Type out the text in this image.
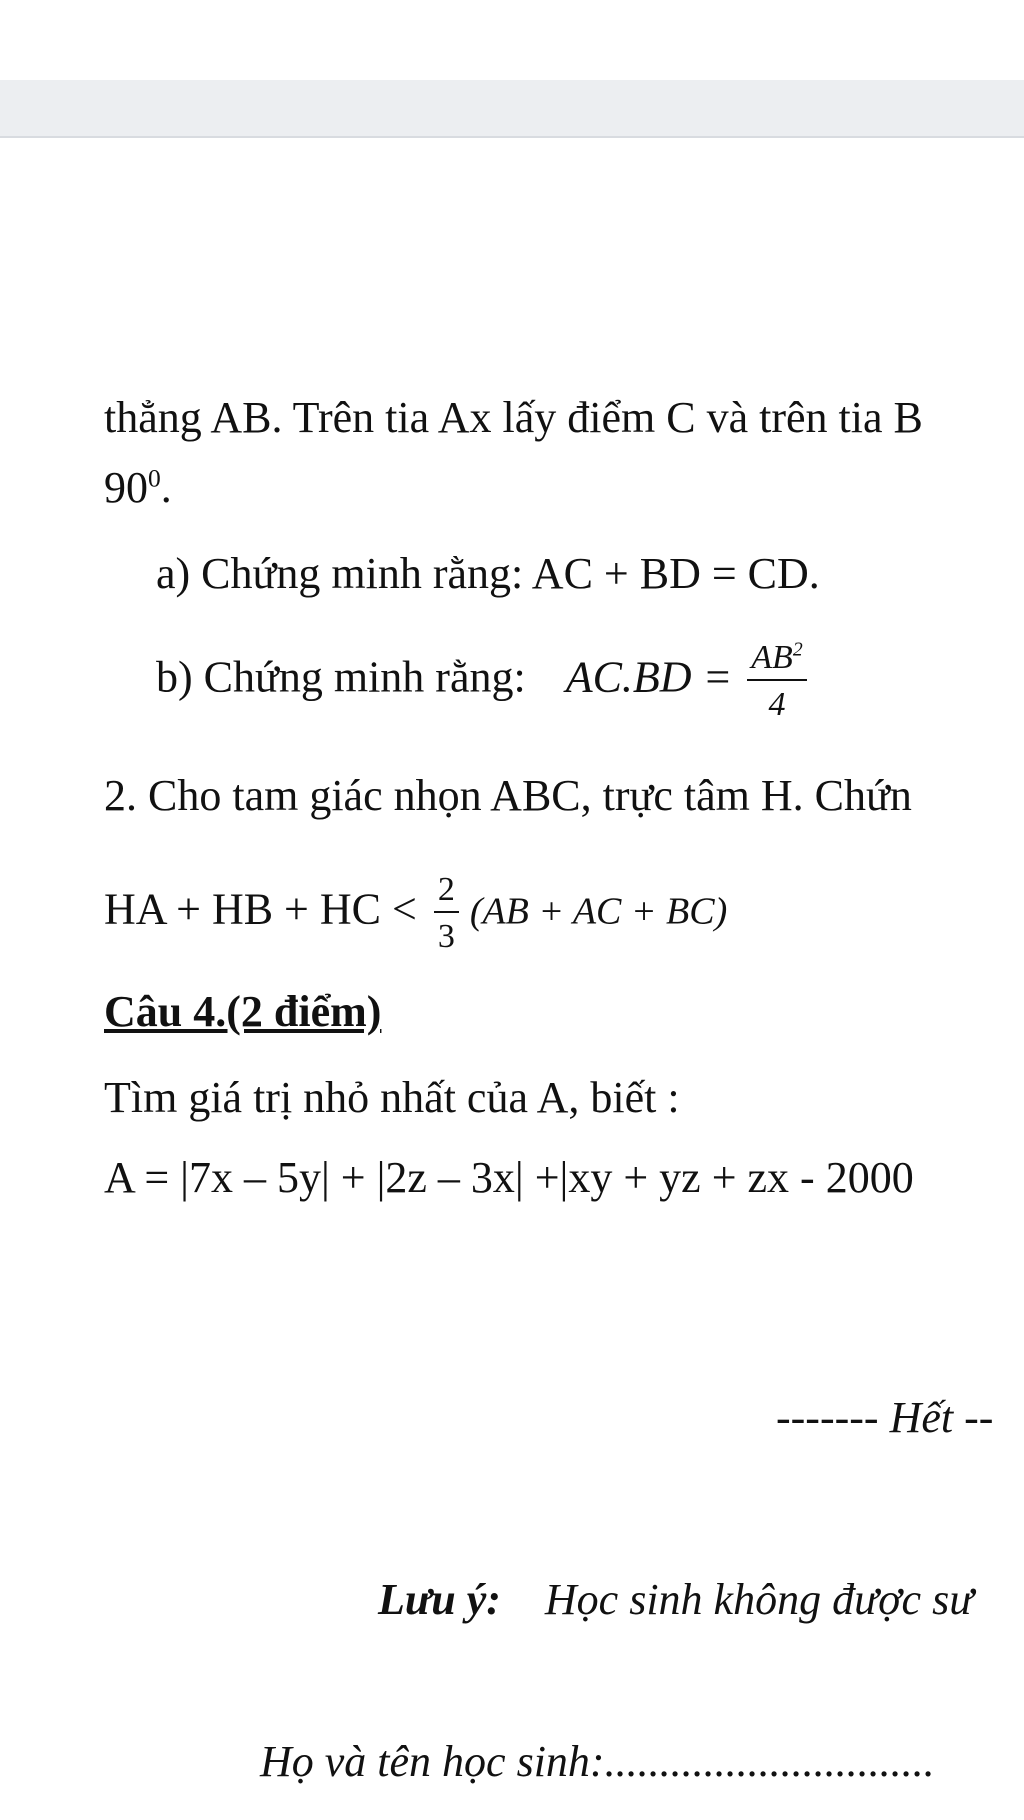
thẳng AB. Trên tia Ax lấy điểm C và trên tia B
$90^0$.
a) Chứng minh rằng: AC + BD = CD.
b) Chứng minh rằng: $AC.BD = \frac{AB^2}{4}$
2. Cho tam giác nhọn ABC, trực tâm H. Chứn
HA + HB + HC < $\frac{2}{3} (AB$ + AC + BC)
Câu 4.(2 điểm)
Tìm giá trị nhỏ nhất của A, biết :
A = |7x – 5y| + |2z – 3x| +|xy + yz + zx - 2000
------- Hết --
Lưu ý: Học sinh không được sư
Họ và tên học sinh:..............................
